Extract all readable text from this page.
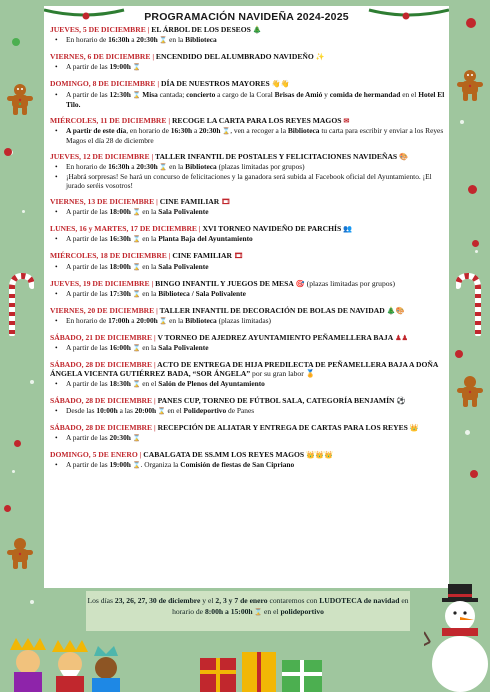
PROGRAMACIÓN NAVIDEÑA 2024-2025
JUEVES, 5 DE DICIEMBRE | EL ÁRBOL DE LOS DESEOS 🎄
• En horario de 16:30h a 20:30h ⌛ en la Biblioteca
VIERNES, 6 DE DICIEMBRE | ENCENDIDO DEL ALUMBRADO NAVIDEÑO ✨
• A partir de las 19:00h ⌛
DOMINGO, 8 DE DICIEMBRE | DÍA DE NUESTROS MAYORES 👋👋
• A partir de las 12:30h ⌛ Misa cantada; concierto a cargo de la Coral Brisas de Amió y comida de hermandad en el Hotel El Tilo.
MIÉRCOLES, 11 DE DICIEMBRE | RECOGE LA CARTA PARA LOS REYES MAGOS ✉
• A partir de este día, en horario de 16:30h a 20:30h ⌛, ven a recoger a la Biblioteca tu carta para escribir y enviar a los Reyes Magos el día 28 de diciembre
JUEVES, 12 DE DICIEMBRE | TALLER INFANTIL DE POSTALES Y FELICITACIONES NAVIDEÑAS 🎨
• En horario de 16:30h a 20:30h ⌛ en la Biblioteca (plazas limitadas por grupos)
• ¡Habrá sorpresas! Se hará un concurso de felicitaciones y la ganadora será subida al Facebook oficial del Ayuntamiento. ¡El jurado seréis vosotros!
VIERNES, 13 DE DICIEMBRE | CINE FAMILIAR 🎞
• A partir de las 18:00h ⌛ en la Sala Polivalente
LUNES, 16 y MARTES, 17 DE DICIEMBRE | XVI TORNEO NAVIDEÑO DE PARCHÍS 👥
• A partir de las 16:30h ⌛ en la Planta Baja del Ayuntamiento
MIÉRCOLES, 18 DE DICIEMBRE | CINE FAMILIAR 🎞
• A partir de las 18:00h ⌛ en la Sala Polivalente
JUEVES, 19 DE DICIEMBRE | BINGO INFANTIL Y JUEGOS DE MESA 🎯 (plazas limitadas por grupos)
• A partir de las 17:30h ⌛ en la Biblioteca / Sala Polivalente
VIERNES, 20 DE DICIEMBRE | TALLER INFANTIL DE DECORACIÓN DE BOLAS DE NAVIDAD 🎄🎨
• En horario de 17:00h a 20:00h ⌛ en la Biblioteca (plazas limitadas)
SÁBADO, 21 DE DICIEMBRE | V TORNEO DE AJEDREZ AYUNTAMIENTO PEÑAMELLERA BAJA ♟♟
• A partir de las 16:00h ⌛ en la Sala Polivalente
SÁBADO, 28 DE DICIEMBRE | ACTO DE ENTREGA DE HIJA PREDILECTA DE PEÑAMELLERA BAJA A DOÑA ÁNGELA VICENTA GUTIÉRREZ BADA, “SOR ÁNGELA” por su gran labor 🏅
• A partir de las 18:30h ⌛ en el Salón de Plenos del Ayuntamiento
SÁBADO, 28 DE DICIEMBRE | PANES CUP, TORNEO DE FÚTBOL SALA, CATEGORÍA BENJAMÍN ⚽
• Desde las 10:00h a las 20:00h ⌛ en el Polideportivo de Panes
SÁBADO, 28 DE DICIEMBRE | RECEPCIÓN DE ALIATAR Y ENTREGA DE CARTAS PARA LOS REYES 👑
• A partir de las 20:30h ⌛
DOMINGO, 5 DE ENERO | CABALGATA DE SS.MM LOS REYES MAGOS 👑👑👑
• A partir de las 19:00h ⌛. Organiza la Comisión de fiestas de San Cipriano
Los días 23, 26, 27, 30 de diciembre y el 2, 3 y 7 de enero contaremos con LUDOTECA de navidad en horario de 8:00h a 15:00h ⌛ en el polideportivo
